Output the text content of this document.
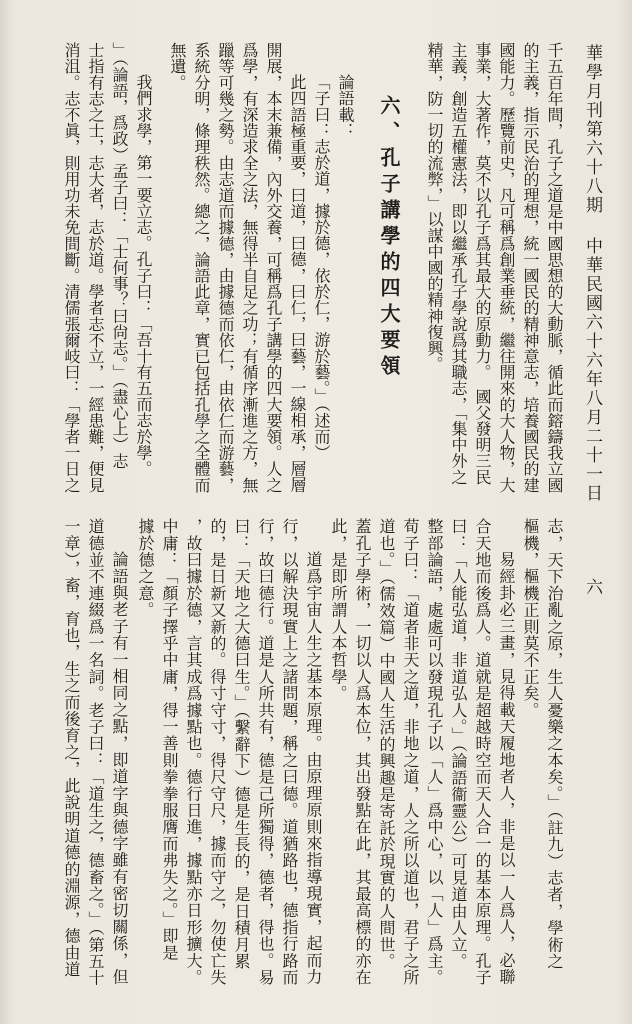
華學月刊第六十八期中華民國六十六年八月二十一日
千五百年間，孔子之道是中國思想的大動脈，循此而鎔鑄我立國
的主義，指示民治的理想，統一國民的精神意志，培養國民的建
國能力。歷覽前史，凡可稱爲創業垂統，繼往開來的大人物，大
事業，大著作，莫不以孔子爲其最大的原動力。　國父發明三民
主義，創造五權憲法，即以繼承孔子學說爲其職志，「集中外之
精華，防一切的流弊，」以謀中國的精神復興。
六、孔子講學的四大要領
論語載：
「子曰：志於道，據於德，依於仁，游於藝。」（述而）
此四語極重要，曰道，曰德，曰仁，曰藝，一線相承，層層
開展，本末兼備，內外交養，可稱爲孔子講學的四大要領。人之
爲學，有深造求全之法，無得半自足之功；有循序漸進之方，無
躐等可幾之勢。由志道而據德，由據德而依仁，由依仁而游藝，
系統分明，條理秩然。總之，論語此章，實已包括孔學之全體而
無遺。
我們求學，第一要立志。孔子曰：「吾十有五而志於學。
」（論語，爲政）孟子曰：「士何事？曰尙志。」（盡心上）志
士指有志之士，志大者，志於道。學者志不立，一經患難，便見
消沮。志不眞，則用功未免間斷。清儒張爾岐曰：「學者一日之
六
志，天下治亂之原，生人憂樂之本矣。」（註九）志者，學術之
樞機，樞機正則莫不正矣。
易經卦必三畫，見得載天履地者人，非是以一人爲人，必聯
合天地而後爲人。道就是超越時空而天人合一的基本原理。孔子
曰：「人能弘道，非道弘人。」（論語衞靈公）可見道由人立。
整部論語，處處可以發現孔子以「人」爲中心，以「人」爲主。
荀子曰：「道者非天之道，非地之道，人之所以道也，君子之所
道也。」（儒效篇）中國人生活的興趣是寄託於現實的人間世。
蓋孔子學術，一切以人爲本位，其出發點在此，其最高標的亦在
此，是即所謂人本哲學。
道爲宇宙人生之基本原理。由原理原則來指導現實，起而力
行，以解決現實上之諸問題，稱之曰德。道猶路也，德指行路而
行，故曰德行。道是人所共有，德是己所獨得，德者，得也。易
曰：「天地之大德曰生。」（繫辭下）德是生長的，是日積月累
的，是日新又新的。得寸守寸，得尺守尺，據而守之，勿使亡失
，故曰據於德，言其成爲據點也。德行日進，據點亦日形擴大。
中庸：「顏子擇乎中庸，得一善則拳拳服膺而弗失之。」即是
據於德之意。
論語與老子有一相同之點，即道字與德字雖有密切關係，但
道德並不連綴爲一名詞。老子曰：「道生之，德畜之。」（第五十
一章），畜，育也，生之而後育之，此說明道德的淵源，德由道
